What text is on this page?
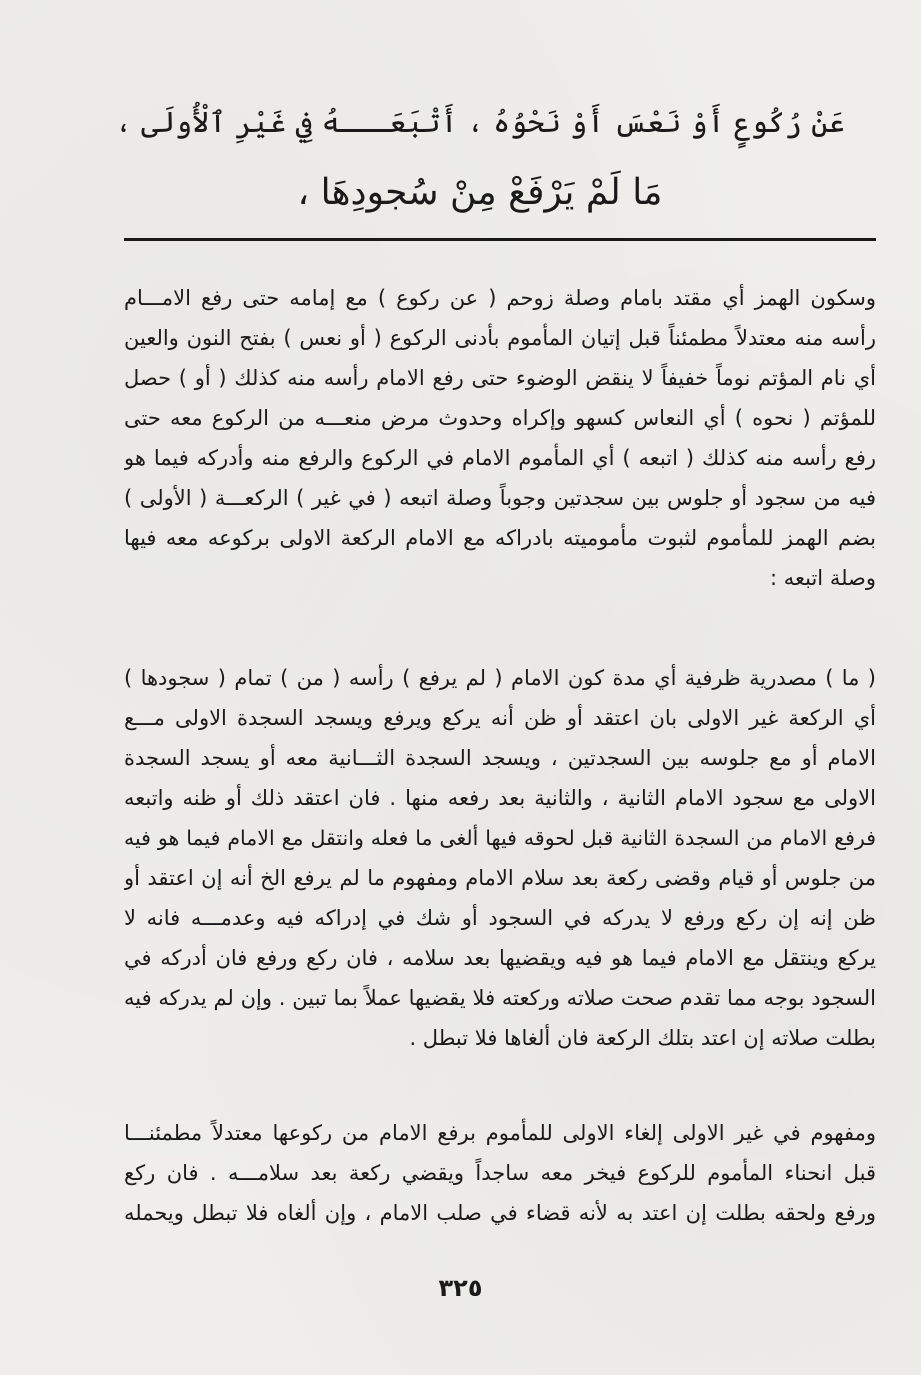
عَنْ رُكُوعٍ أَوْ نَعْسَ أَوْ نَحْوُهُ ، أَتْبَعَـــهُ فِي غَيْرِ ٱلْأُولَى ،
مَا لَمْ يَرْفَعْ مِنْ سُجودِهَا ،
وسكون الهمز أي مقتد بامام وصلة زوحم ( عن ركوع ) مع إمامه حتى رفع الامـــام
رأسه منه معتدلاً مطمئناً قبل إتيان المأموم بأدنى الركوع ( أو نعس ) بفتح النون والعين
أي نام المؤتم نوماً خفيفاً لا ينقض الوضوء حتى رفع الامام رأسه منه كذلك ( أو ) حصل
للمؤتم ( نحوه ) أي النعاس كسهو وإكراه وحدوث مرض منعـــه من الركوع معه حتى
رفع رأسه منه كذلك ( اتبعه ) أي المأموم الامام في الركوع والرفع منه وأدركه فيما هو
فيه من سجود أو جلوس بين سجدتين وجوباً وصلة اتبعه ( في غير ) الركعـــة ( الأولى )
بضم الهمز للمأموم لثبوت مأموميته بادراكه مع الامام الركعة الاولى بركوعه معه فيها
وصلة اتبعه :
( ما ) مصدرية ظرفية أي مدة كون الامام ( لم يرفع ) رأسه ( من ) تمام ( سجودها )
أي الركعة غير الاولى بان اعتقد أو ظن أنه يركع ويرفع ويسجد السجدة الاولى مـــع
الامام أو مع جلوسه بين السجدتين ، ويسجد السجدة الثـــانية معه أو يسجد السجدة
الاولى مع سجود الامام الثانية ، والثانية بعد رفعه منها . فان اعتقد ذلك أو ظنه واتبعه
فرفع الامام من السجدة الثانية قبل لحوقه فيها ألغى ما فعله وانتقل مع الامام فيما هو فيه
من جلوس أو قيام وقضى ركعة بعد سلام الامام ومفهوم ما لم يرفع الخ أنه إن اعتقد أو
ظن إنه إن ركع ورفع لا يدركه في السجود أو شك في إدراكه فيه وعدمـــه فانه لا
يركع وينتقل مع الامام فيما هو فيه ويقضيها بعد سلامه ، فان ركع ورفع فان أدركه في
السجود بوجه مما تقدم صحت صلاته وركعته فلا يقضيها عملاً بما تبين . وإن لم يدركه فيه
بطلت صلاته إن اعتد بتلك الركعة فان ألغاها فلا تبطل .
ومفهوم في غير الاولى إلغاء الاولى للمأموم برفع الامام من ركوعها معتدلاً مطمئنـــا
قبل انحناء المأموم للركوع فيخر معه ساجداً ويقضي ركعة بعد سلامـــه . فان ركع
ورفع ولحقه بطلت إن اعتد به لأنه قضاء في صلب الامام ، وإن ألغاه فلا تبطل ويحمله
٣٢٥
